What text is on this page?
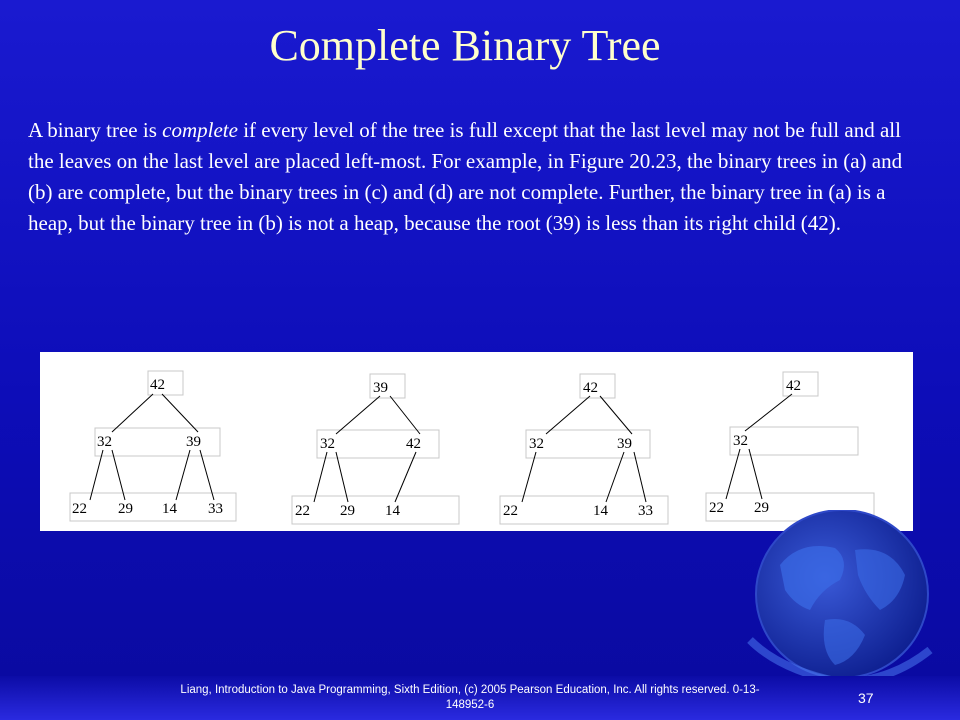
Complete Binary Tree
A binary tree is complete if every level of the tree is full except that the last level may not be full and all the leaves on the last level are placed left-most. For example, in Figure 20.23, the binary trees in (a) and (b) are complete, but the binary trees in (c) and (d) are not complete. Further, the binary tree in (a) is a heap, but the binary tree in (b) is not a heap, because the root (39) is less than its right child (42).
42
32	39
22 29 14 33
39
32	42
22 29 14
42
32	39
22	14 33
42
32
22 29
Liang, Introduction to Java Programming, Sixth Edition, (c) 2005 Pearson Education, Inc. All rights reserved. 0-13-148952-6	37
